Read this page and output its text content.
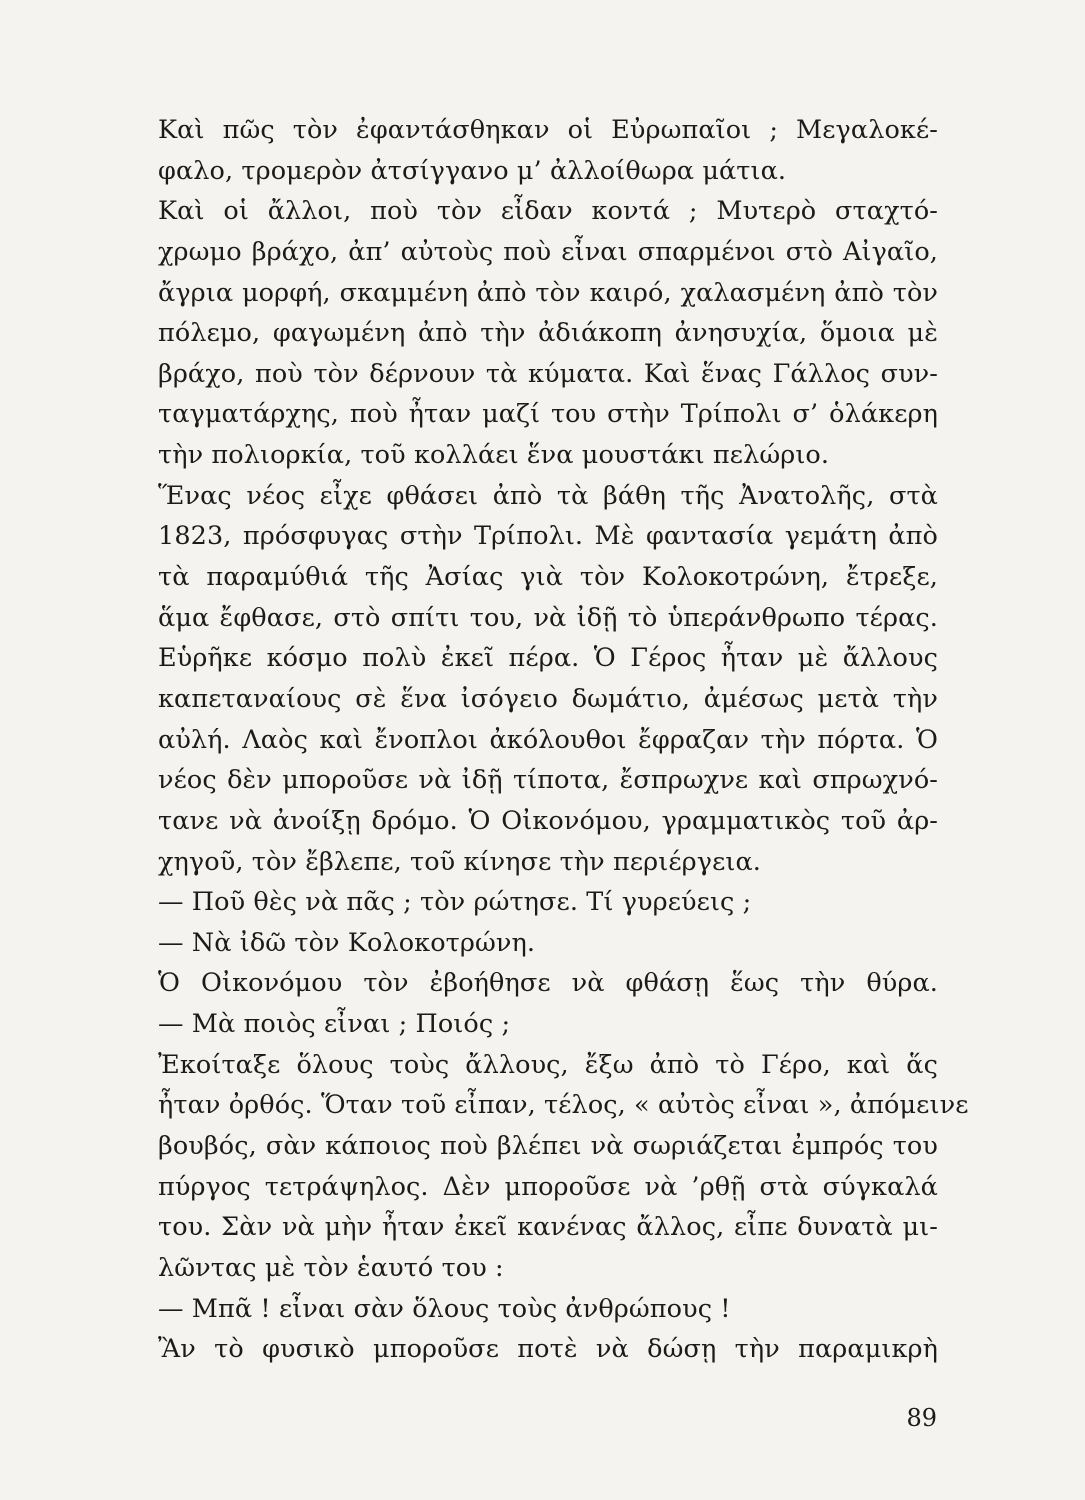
Καὶ πῶς τὸν ἐφαντάσθηκαν οἱ Εὐρωπαῖοι ; Μεγαλοκέ-
φαλο, τρομερὸν ἀτσίγγανο μ’ ἀλλοίθωρα μάτια.
Καὶ οἱ ἄλλοι, ποὺ τὸν εἶδαν κοντά ; Μυτερὸ σταχτό-
χρωμο βράχο, ἀπ’ αὐτοὺς ποὺ εἶναι σπαρμένοι στὸ Αἰγαῖο,
ἄγρια μορφή, σκαμμένη ἀπὸ τὸν καιρό, χαλασμένη ἀπὸ τὸν
πόλεμο, φαγωμένη ἀπὸ τὴν ἀδιάκοπη ἀνησυχία, ὅμοια μὲ
βράχο, ποὺ τὸν δέρνουν τὰ κύματα. Καὶ ἕνας Γάλλος συν-
ταγματάρχης, ποὺ ἦταν μαζί του στὴν Τρίπολι σ’ ὁλάκερη
τὴν πολιορκία, τοῦ κολλάει ἕνα μουστάκι πελώριο.
Ἕνας νέος εἶχε φθάσει ἀπὸ τὰ βάθη τῆς Ἀνατολῆς, στὰ
1823, πρόσφυγας στὴν Τρίπολι. Μὲ φαντασία γεμάτη ἀπὸ
τὰ παραμύθιά τῆς Ἀσίας γιὰ τὸν Κολοκοτρώνη, ἔτρεξε,
ἅμα ἔφθασε, στὸ σπίτι του, νὰ ἰδῇ τὸ ὑπεράνθρωπο τέρας.
Εὑρῆκε κόσμο πολὺ ἐκεῖ πέρα. Ὁ Γέρος ἦταν μὲ ἄλλους
καπεταναίους σὲ ἕνα ἰσόγειο δωμάτιο, ἀμέσως μετὰ τὴν
αὐλή. Λαὸς καὶ ἔνοπλοι ἀκόλουθοι ἔφραζαν τὴν πόρτα. Ὁ
νέος δὲν μποροῦσε νὰ ἰδῇ τίποτα, ἔσπρωχνε καὶ σπρωχνό-
τανε νὰ ἀνοίξῃ δρόμο. Ὁ Οἰκονόμου, γραμματικὸς τοῦ ἀρ-
χηγοῦ, τὸν ἔβλεπε, τοῦ κίνησε τὴν περιέργεια.
— Ποῦ θὲς νὰ πᾶς ; τὸν ρώτησε. Τί γυρεύεις ;
— Νὰ ἰδῶ τὸν Κολοκοτρώνη.
Ὁ Οἰκονόμου τὸν ἐβοήθησε νὰ φθάσῃ ἕως τὴν θύρα.
— Μὰ ποιὸς εἶναι ; Ποιός ;
Ἐκοίταξε ὅλους τοὺς ἄλλους, ἔξω ἀπὸ τὸ Γέρο, καὶ ἅς
ἦταν ὀρθός. Ὅταν τοῦ εἶπαν, τέλος, « αὐτὸς εἶναι », ἀπόμεινε
βουβός, σὰν κάποιος ποὺ βλέπει νὰ σωριάζεται ἐμπρός του
πύργος τετράψηλος. Δὲν μποροῦσε νὰ ’ρθῇ στὰ σύγκαλά
του. Σὰν νὰ μὴν ἦταν ἐκεῖ κανένας ἄλλος, εἶπε δυνατὰ μι-
λῶντας μὲ τὸν ἑαυτό του :
— Μπᾶ ! εἶναι σὰν ὅλους τοὺς ἀνθρώπους !
Ἂν τὸ φυσικὸ μποροῦσε ποτὲ νὰ δώσῃ τὴν παραμικρὴ
89
